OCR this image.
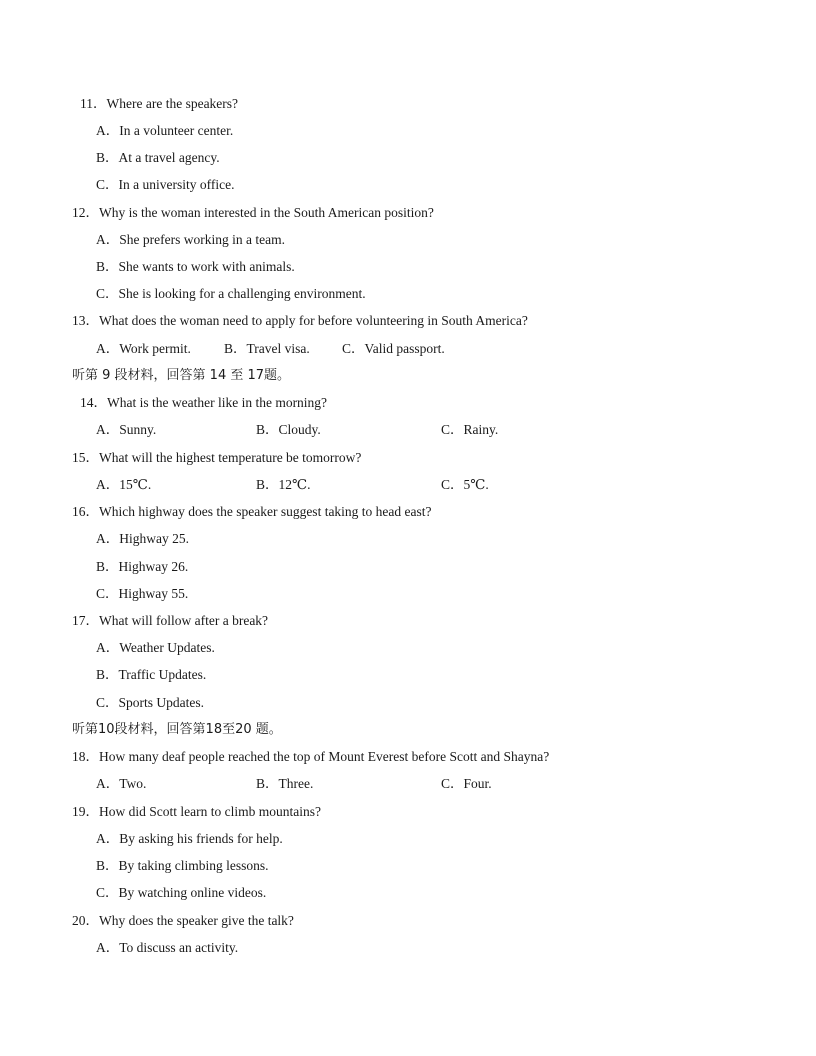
11．Where are the speakers?
A．In a volunteer center.
B．At a travel agency.
C．In a university office.
12．Why is the woman interested in the South American position?
A．She prefers working in a team.
B．She wants to work with animals.
C．She is looking for a challenging environment.
13．What does the woman need to apply for before volunteering in South America?
A．Work permit. B．Travel visa. C．Valid passport.
听第 9 段材料，回答第 14 至 17题。
14．What is the weather like in the morning?
A．Sunny.	B．Cloudy.	C．Rainy.
15．What will the highest temperature be tomorrow?
A．15℃.	B．12℃.	C．5℃.
16．Which highway does the speaker suggest taking to head east?
A．Highway 25.
B．Highway 26.
C．Highway 55.
17．What will follow after a break?
A．Weather Updates.
B．Traffic Updates.
C．Sports Updates.
听第10段材料，回答第18至20 题。
18．How many deaf people reached the top of Mount Everest before Scott and Shayna?
A．Two.	B．Three.	C．Four.
19．How did Scott learn to climb mountains?
A．By asking his friends for help.
B．By taking climbing lessons.
C．By watching online videos.
20．Why does the speaker give the talk?
A．To discuss an activity.
